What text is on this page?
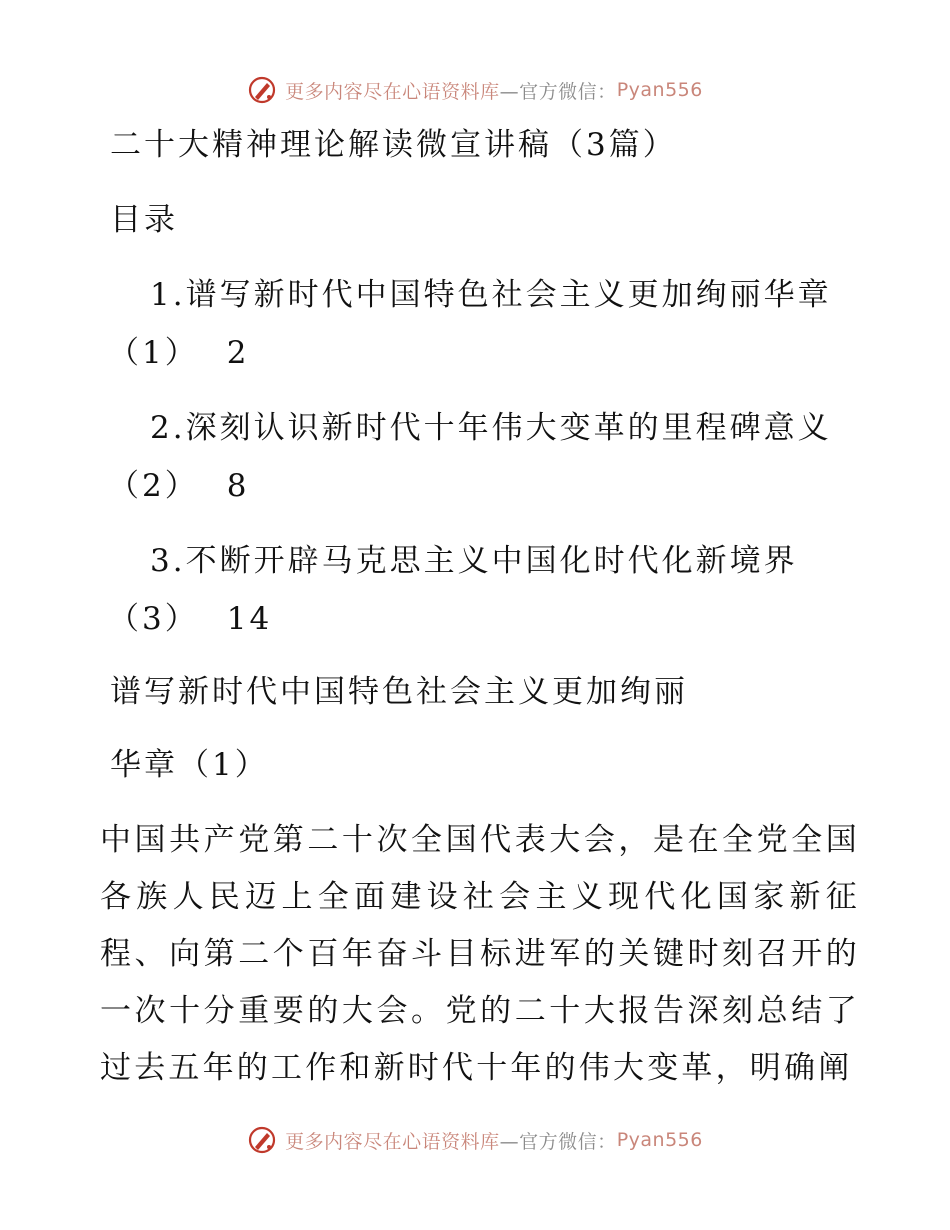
更多内容尽在心语资料库 —官方微信： Pyan556
二十大精神理论解读微宣讲稿（3篇）
目录
1.谱写新时代中国特色社会主义更加绚丽华章
（1） 2
2.深刻认识新时代十年伟大变革的里程碑意义
（2） 8
3.不断开辟马克思主义中国化时代化新境界
（3） 14
谱写新时代中国特色社会主义更加绚丽
华章（1）
中国共产党第二十次全国代表大会，是在全党全国各族人民迈上全面建设社会主义现代化国家新征程、向第二个百年奋斗目标进军的关键时刻召开的一次十分重要的大会。党的二十大报告深刻总结了过去五年的工作和新时代十年的伟大变革，明确阐
更多内容尽在心语资料库 —官方微信： Pyan556
